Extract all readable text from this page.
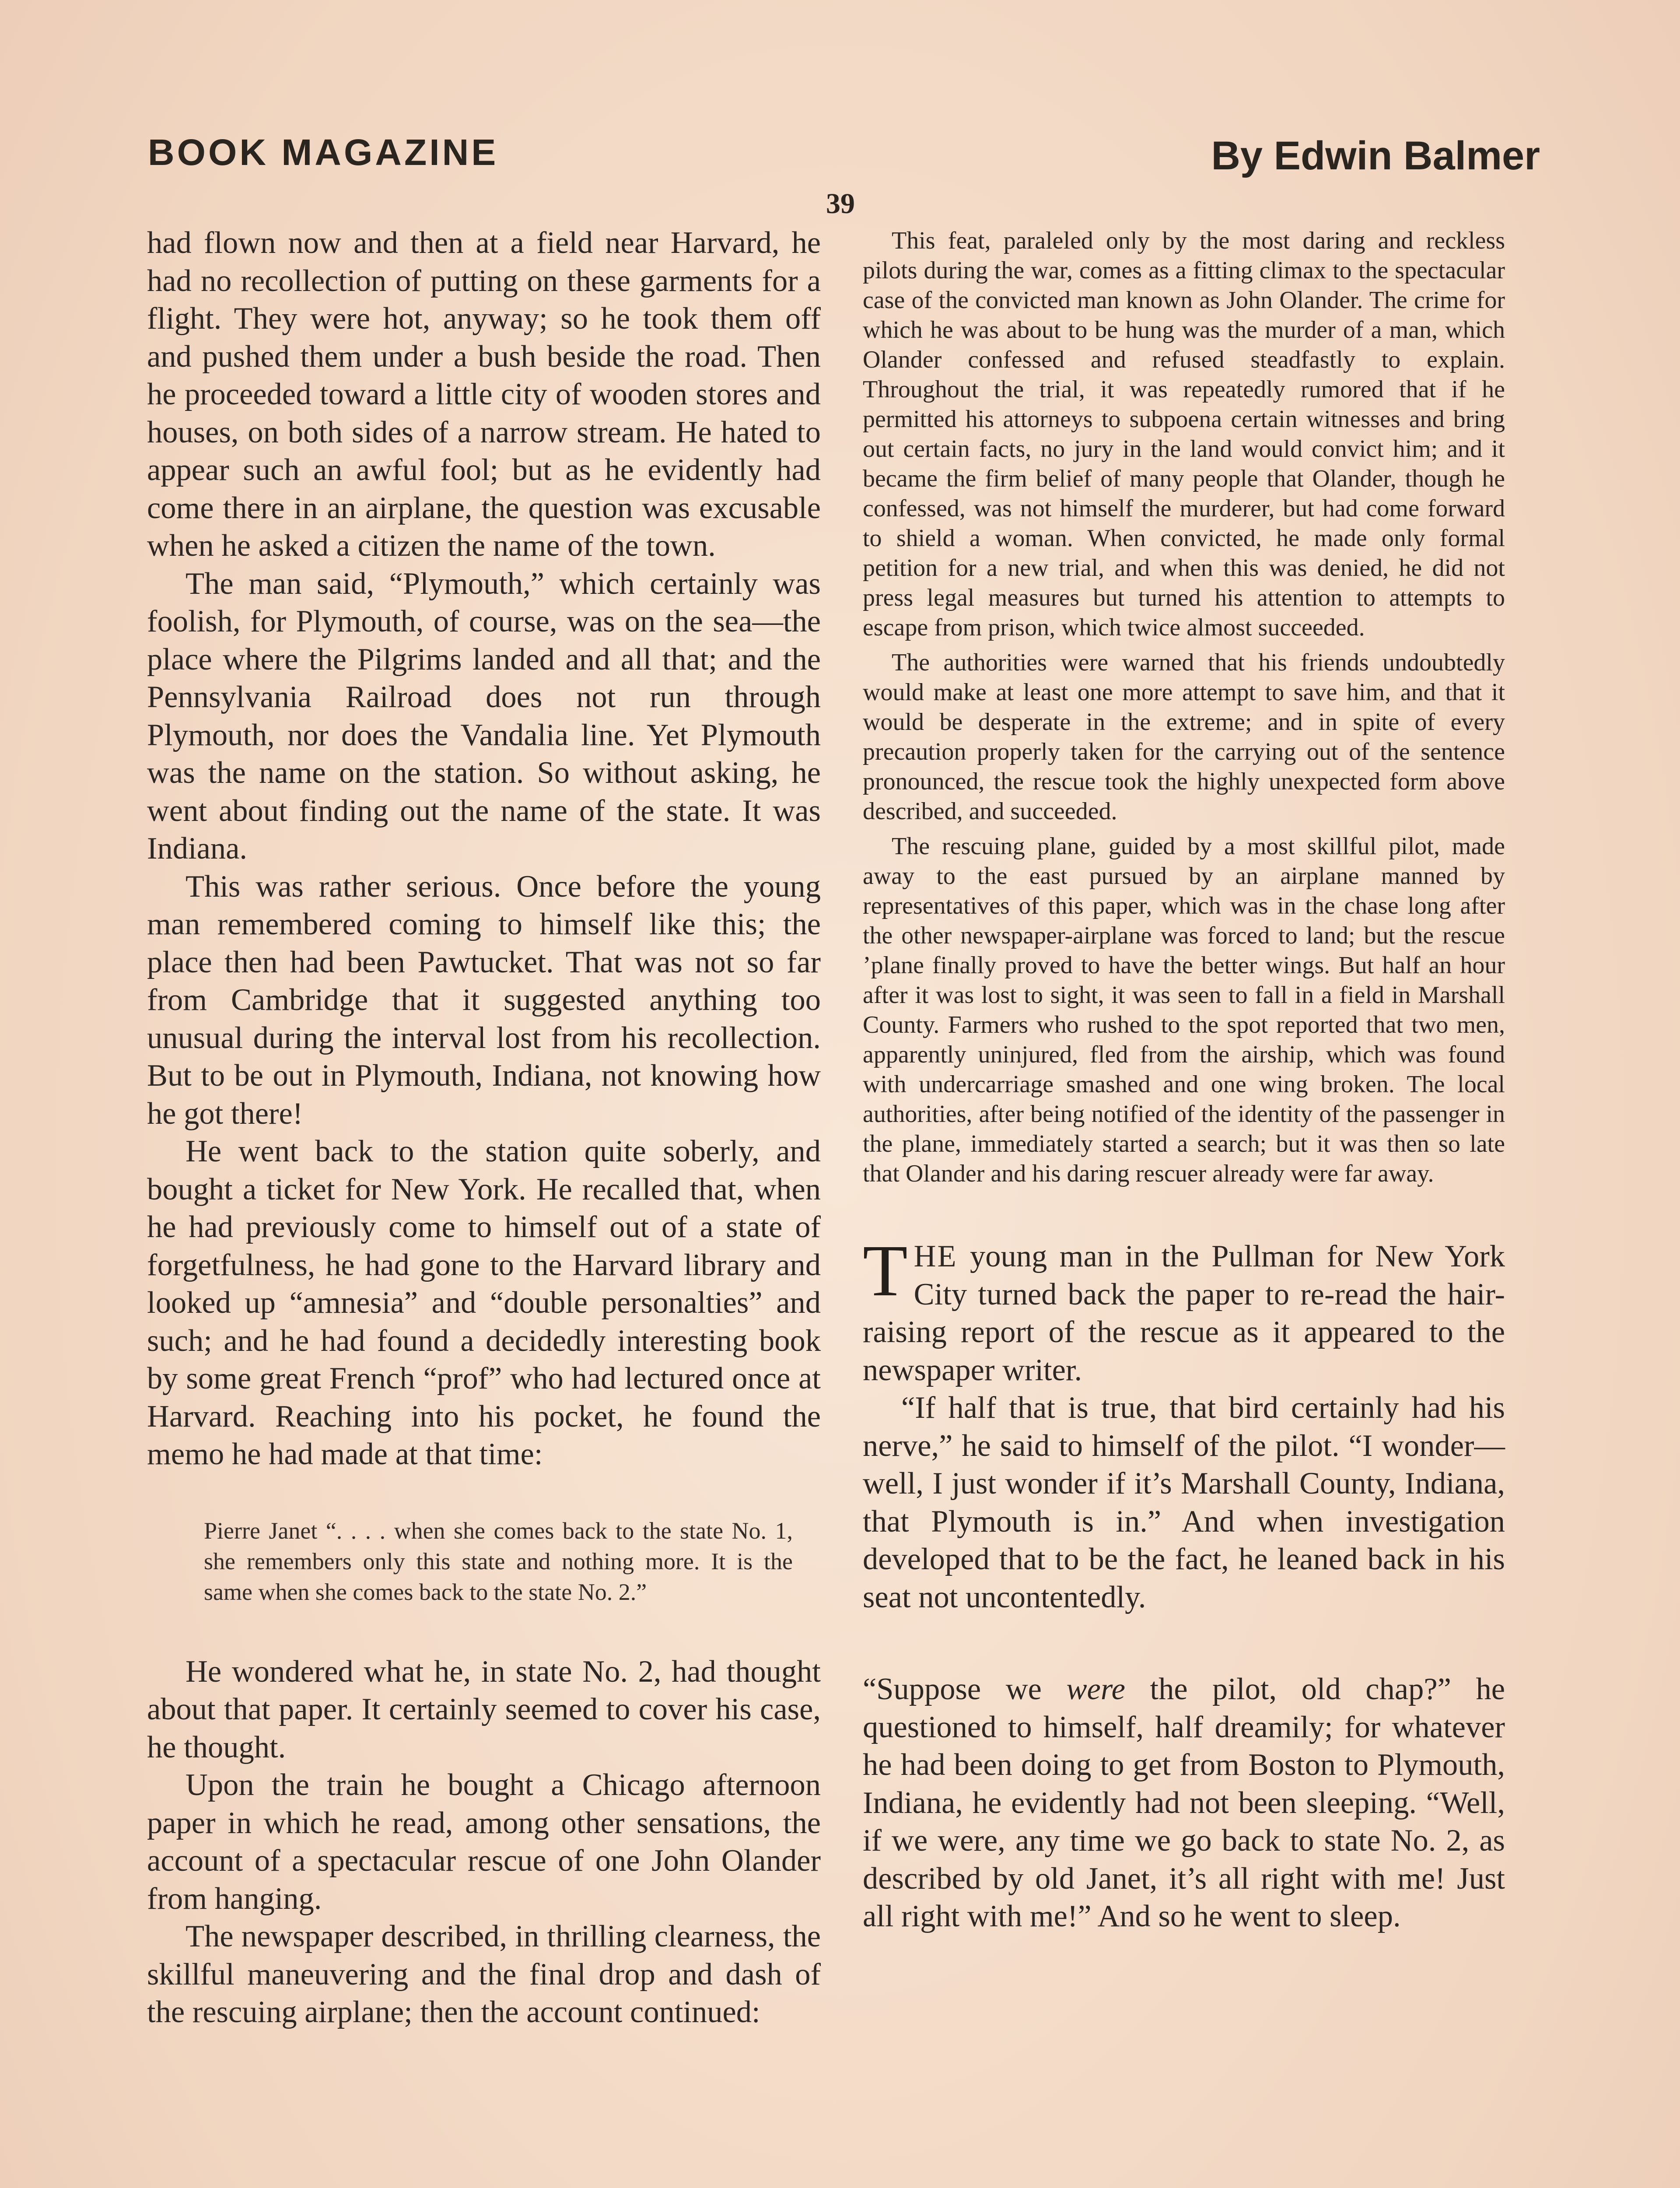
BOOK MAGAZINE	By Edwin Balmer
39

had flown now and then at a field near Harvard, he had no recollection of putting on these garments for a flight. They were hot, anyway; so he took them off and pushed them under a bush beside the road. Then he proceeded toward a little city of wooden stores and houses, on both sides of a narrow stream. He hated to appear such an awful fool; but as he evidently had come there in an airplane, the question was excusable when he asked a citizen the name of the town.

The man said, “Plymouth,” which certainly was foolish, for Plymouth, of course, was on the sea—the place where the Pilgrims landed and all that; and the Pennsylvania Railroad does not run through Plymouth, nor does the Vandalia line. Yet Plymouth was the name on the station. So without asking, he went about finding out the name of the state. It was Indiana.

This was rather serious. Once before the young man remembered coming to himself like this; the place then had been Pawtucket. That was not so far from Cambridge that it suggested anything too unusual during the interval lost from his recollection. But to be out in Plymouth, Indiana, not knowing how he got there!

He went back to the station quite soberly, and bought a ticket for New York. He recalled that, when he had previously come to himself out of a state of forgetfulness, he had gone to the Harvard library and looked up “amnesia” and “double personalties” and such; and he had found a decidedly interesting book by some great French “prof” who had lectured once at Harvard. Reaching into his pocket, he found the memo he had made at that time:

Pierre Janet “. . . . when she comes back to the state No. 1, she remembers only this state and nothing more. It is the same when she comes back to the state No. 2.”

He wondered what he, in state No. 2, had thought about that paper. It certainly seemed to cover his case, he thought.

Upon the train he bought a Chicago afternoon paper in which he read, among other sensations, the account of a spectacular rescue of one John Olander from hanging.

The newspaper described, in thrilling clearness, the skillful maneuvering and the final drop and dash of the rescuing airplane; then the account continued:

This feat, paraleled only by the most daring and reckless pilots during the war, comes as a fitting climax to the spectacular case of the convicted man known as John Olander. The crime for which he was about to be hung was the murder of a man, which Olander confessed and refused steadfastly to explain. Throughout the trial, it was repeatedly rumored that if he permitted his attorneys to subpoena certain witnesses and bring out certain facts, no jury in the land would convict him; and it became the firm belief of many people that Olander, though he confessed, was not himself the murderer, but had come forward to shield a woman. When convicted, he made only formal petition for a new trial, and when this was denied, he did not press legal measures but turned his attention to attempts to escape from prison, which twice almost succeeded.

The authorities were warned that his friends undoubtedly would make at least one more attempt to save him, and that it would be desperate in the extreme; and in spite of every precaution properly taken for the carrying out of the sentence pronounced, the rescue took the highly unexpected form above described, and succeeded.

The rescuing plane, guided by a most skillful pilot, made away to the east pursued by an airplane manned by representatives of this paper, which was in the chase long after the other newspaper-airplane was forced to land; but the rescue ’plane finally proved to have the better wings. But half an hour after it was lost to sight, it was seen to fall in a field in Marshall County. Farmers who rushed to the spot reported that two men, apparently uninjured, fled from the airship, which was found with undercarriage smashed and one wing broken. The local authorities, after being notified of the identity of the passenger in the plane, immediately started a search; but it was then so late that Olander and his daring rescuer already were far away.

THE young man in the Pullman for New York City turned back the paper to re-read the hair-raising report of the rescue as it appeared to the newspaper writer.

“If half that is true, that bird certainly had his nerve,” he said to himself of the pilot. “I wonder—well, I just wonder if it’s Marshall County, Indiana, that Plymouth is in.” And when investigation developed that to be the fact, he leaned back in his seat not uncontentedly.

“Suppose we were the pilot, old chap?” he questioned to himself, half dreamily; for whatever he had been doing to get from Boston to Plymouth, Indiana, he evidently had not been sleeping. “Well, if we were, any time we go back to state No. 2, as described by old Janet, it’s all right with me! Just all right with me!” And so he went to sleep.
